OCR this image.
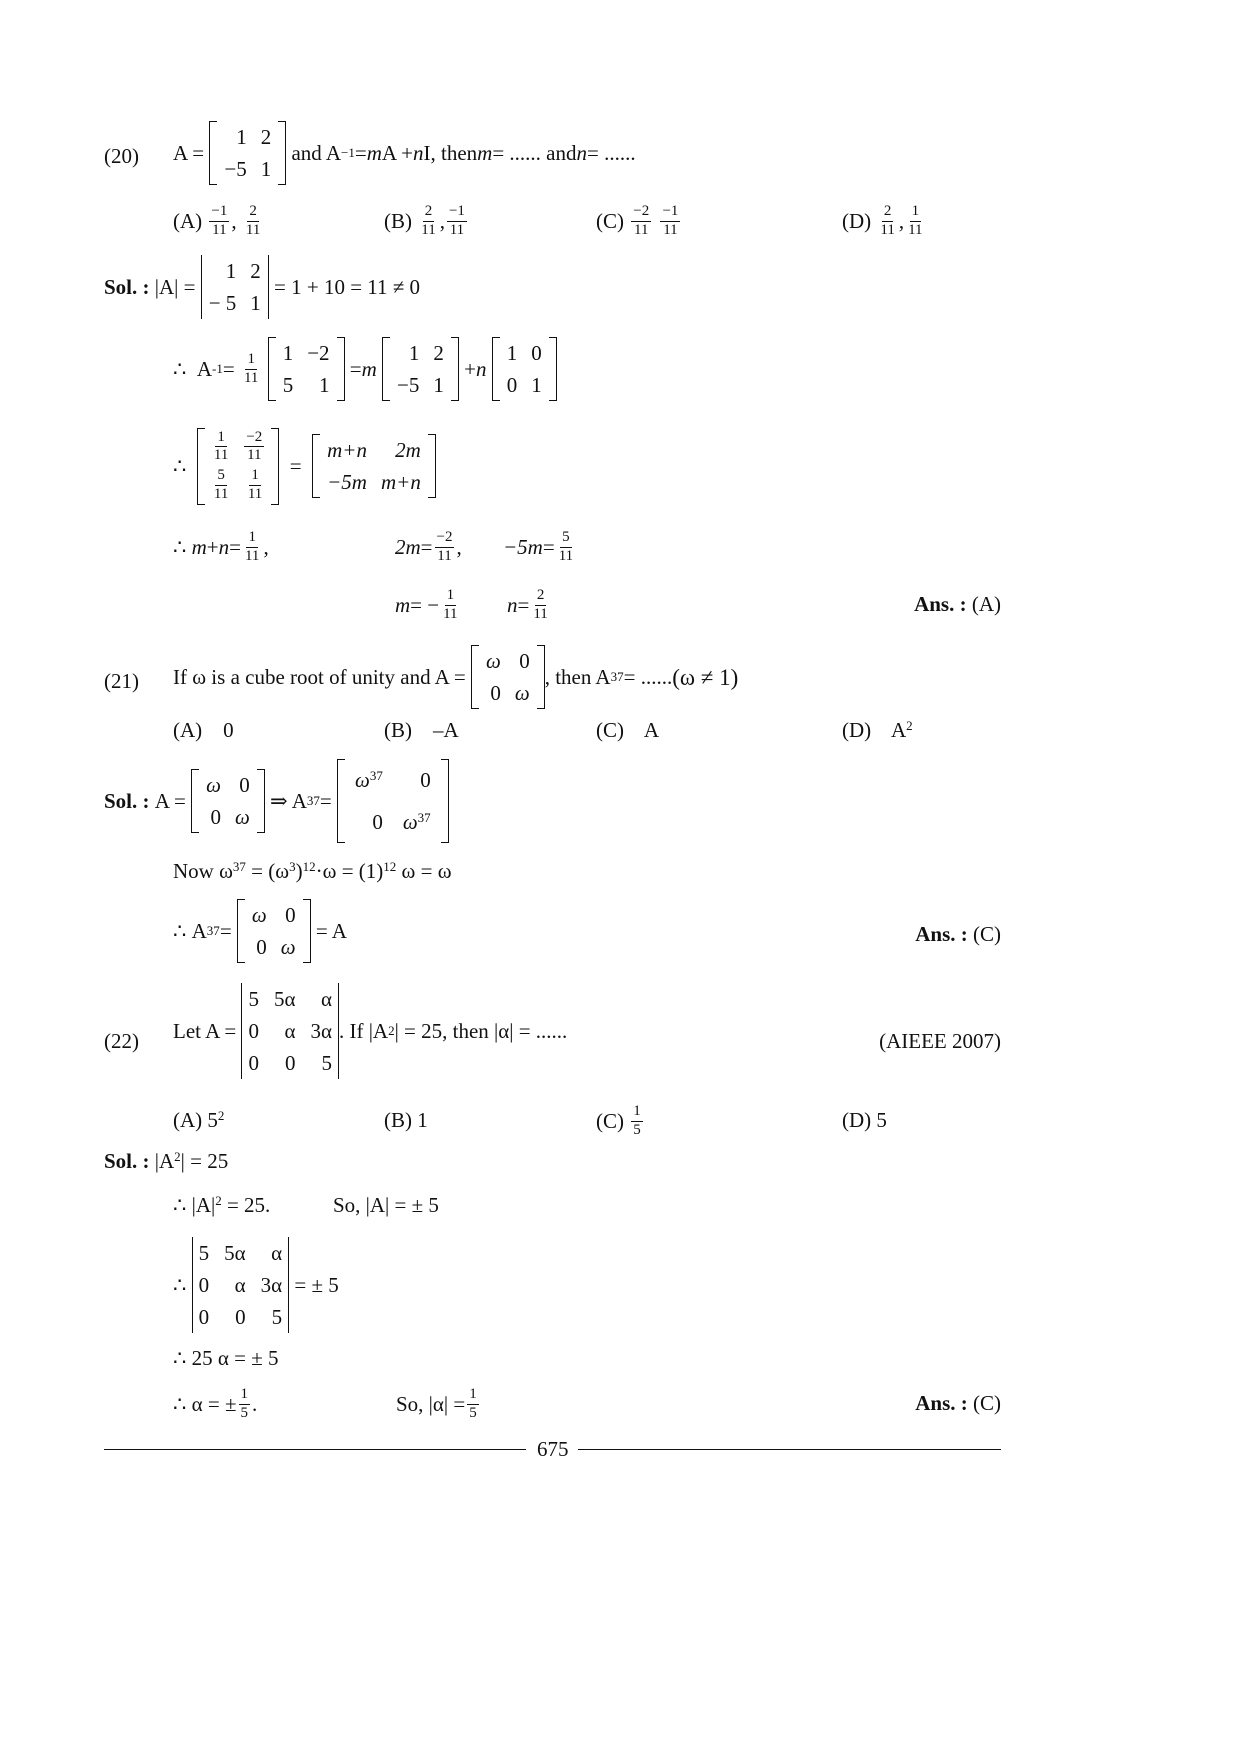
(20) A =

1	2
−5	1

and A −1 = m A + n I, then m = ...... and n = ......
(A)
$\frac{-1}{11}$ ,
$\frac{2}{11}$	(B)
$\frac{2}{11}$ , $\frac{-1}{11}$	(C)
$\frac{-2}{11}$
$\frac{-1}{11}$	(D)
$\frac{2}{11}$ , $\frac{1}{11}$
Sol. :
|A| =

1	2
− 5	1

= 1 + 10 = 11 ≠ 0
∴
A -1 =
$\frac{1}{11}$
1	−2
5	1

= m

1	2
−5	1

+ n

1	0
0	1
∴

$\frac{1}{11}$	$\frac{-2}{11}$

$\frac{5}{11}$	$\frac{1}{11}$

=

m+n	2m
−5m	m+n
∴
$m + n = \frac{1}{11}$ ,	$2m = \frac{-2}{11}$ , $-5m = \frac{5}{11}$
m = − $\frac{1}{11}$ $n = \frac{2}{11}$	Ans. : (A)
(21) If ω is a cube root of unity and A =

ω	0
0	ω
, then A 37 = ...... (ω ≠ 1)
(A)    0	(B)    –A	(C)    A	(D)    $A^2$
Sol. :
A =

ω	0
0	ω

⇒ A 37 =

$\omega^{37}$	0
0	$\omega^{37}$
Now $\omega^{37} = (\omega^3)^{12}\cdot\omega = (1)^{12}$ ω = ω
∴
A 37 =

ω	0
0	ω

= A	Ans. : (C)
(22) Let A =

5	5α	α
0	α	3α
0	0	5
. If |A 2 | = 25, then |α| = ......	(AIEEE 2007)
(A) $5^2$	(B) 1	(C)
$\frac{1}{5}$	(D) 5
Sol. : $|A^2| = 25$
∴ $|A|^2 = 25$.	So, |A| = ± 5
∴

5	5α	α
0	α	3α
0	0	5

= ± 5
∴ 25 α = ± 5
∴
α = ± $\frac{1}{5}$ .	So, $|\alpha| = \frac{1}{5}$	Ans. : (C)
675
